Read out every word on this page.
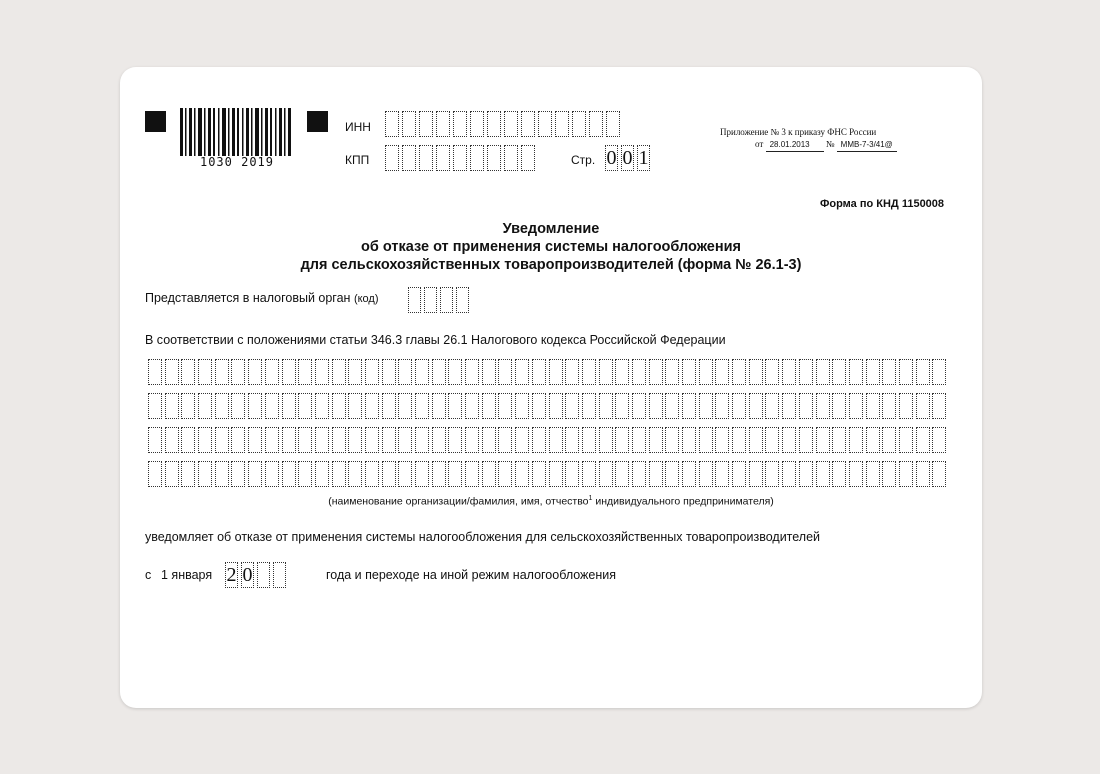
1030 2019
ИНН
КПП	Стр. 0 0 1
Приложение № 3 к приказу ФНС России
от 28.01.2013 № ММВ-7-3/41@
Форма по КНД 1150008
Уведомление
об отказе от применения системы налогообложения
для сельскохозяйственных товаропроизводителей (форма № 26.1-3)
Представляется в налоговый орган (код)
В соответствии с положениями статьи 346.3 главы 26.1 Налогового кодекса Российской Федерации
(наименование организации/фамилия, имя, отчество$^1$ индивидуального предпринимателя)
уведомляет об отказе от применения системы налогообложения для сельскохозяйственных товаропроизводителей
с 1 января 2 0	года и переходе на иной режим налогообложения
